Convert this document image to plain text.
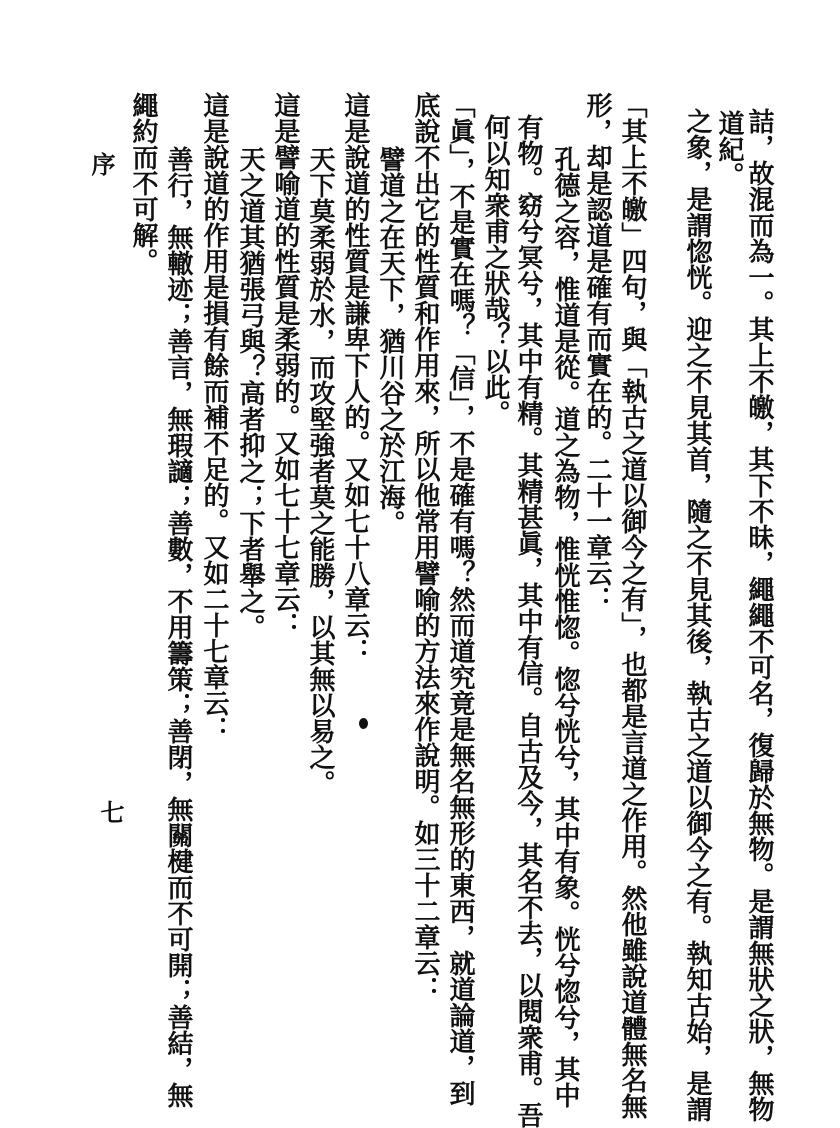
序	道紀。 詰，故混而為一。其上不皦，其下不昧，繩繩不可名，復歸於無物。是謂無狀之狀，無物
之象，是謂惚恍。迎之不見其首，隨之不見其後，執古之道以御今之有。執知古始，是謂
「其上不皦」四句，與「執古之道以御今之有」，也都是言道之作用。然他雖說道體無名無
形，却是認道是確有而實在的。二十一章云：
孔德之容，惟道是從。道之為物，惟恍惟惚。惚兮恍兮，其中有象。恍兮惚兮，其中
有物。窈兮冥兮，其中有精。其精甚眞，其中有信。自古及今，其名不去，以閱衆甫。吾
何以知衆甫之狀哉？以此。
「眞」，不是實在嗎？「信」，不是確有嗎？然而道究竟是無名無形的東西，就道論道，到
底說不出它的性質和作用來，所以他常用譬喻的方法來作說明。如三十二章云：
譬道之在天下，猶川谷之於江海。
這是說道的性質是謙卑下人的。又如七十八章云：
天下莫柔弱於水，而攻堅強者莫之能勝，以其無以易之。
這是譬喻道的性質是柔弱的。又如七十七章云：
天之道其猶張弓與？高者抑之；下者舉之。
這是說道的作用是損有餘而補不足的。又如二十七章云：
善行，無轍迹；善言，無瑕讁；善數，不用籌策；善閉，無關楗而不可開；善結，無
繩約而不可解。
七
